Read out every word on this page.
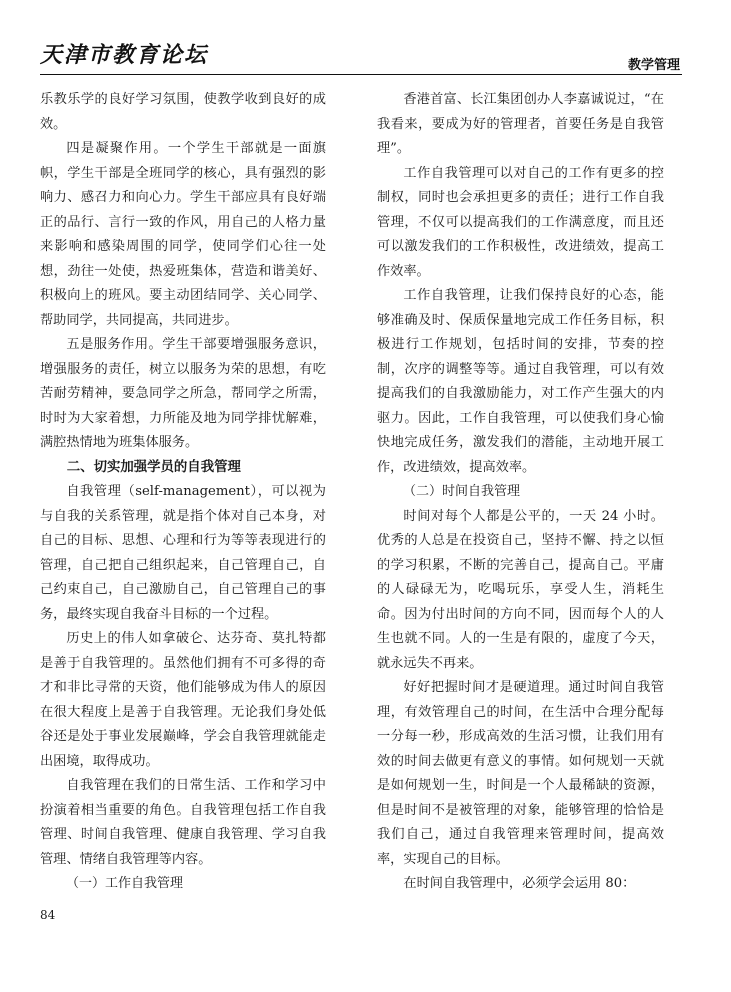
天津市教育论坛	教学管理

乐教乐学的良好学习氛围，使教学收到良好的成效。

四是凝聚作用。一个学生干部就是一面旗帜，学生干部是全班同学的核心，具有强烈的影响力、感召力和向心力。学生干部应具有良好端正的品行、言行一致的作风，用自己的人格力量来影响和感染周围的同学，使同学们心往一处想，劲往一处使，热爱班集体，营造和谐美好、积极向上的班风。要主动团结同学、关心同学、帮助同学，共同提高，共同进步。

五是服务作用。学生干部要增强服务意识，增强服务的责任，树立以服务为荣的思想，有吃苦耐劳精神，要急同学之所急，帮同学之所需，时时为大家着想，力所能及地为同学排忧解难，满腔热情地为班集体服务。

二、切实加强学员的自我管理

自我管理（self-management），可以视为与自我的关系管理，就是指个体对自己本身，对自己的目标、思想、心理和行为等等表现进行的管理，自己把自己组织起来，自己管理自己，自己约束自己，自己激励自己，自己管理自己的事务，最终实现自我奋斗目标的一个过程。

历史上的伟人如拿破仑、达芬奇、莫扎特都是善于自我管理的。虽然他们拥有不可多得的奇才和非比寻常的天资，他们能够成为伟人的原因在很大程度上是善于自我管理。无论我们身处低谷还是处于事业发展巅峰，学会自我管理就能走出困境，取得成功。

自我管理在我们的日常生活、工作和学习中扮演着相当重要的角色。自我管理包括工作自我管理、时间自我管理、健康自我管理、学习自我管理、情绪自我管理等内容。

（一）工作自我管理

香港首富、长江集团创办人李嘉诚说过，“在我看来，要成为好的管理者，首要任务是自我管理”。

工作自我管理可以对自己的工作有更多的控制权，同时也会承担更多的责任；进行工作自我管理，不仅可以提高我们的工作满意度，而且还可以激发我们的工作积极性，改进绩效，提高工作效率。

工作自我管理，让我们保持良好的心态，能够准确及时、保质保量地完成工作任务目标，积极进行工作规划，包括时间的安排，节奏的控制，次序的调整等等。通过自我管理，可以有效提高我们的自我激励能力，对工作产生强大的内驱力。因此，工作自我管理，可以使我们身心愉快地完成任务，激发我们的潜能，主动地开展工作，改进绩效，提高效率。

（二）时间自我管理

时间对每个人都是公平的，一天 24 小时。优秀的人总是在投资自己，坚持不懈、持之以恒的学习积累，不断的完善自己，提高自己。平庸的人碌碌无为，吃喝玩乐，享受人生，消耗生命。因为付出时间的方向不同，因而每个人的人生也就不同。人的一生是有限的，虚度了今天，就永远失不再来。

好好把握时间才是硬道理。通过时间自我管理，有效管理自己的时间，在生活中合理分配每一分每一秒，形成高效的生活习惯，让我们用有效的时间去做更有意义的事情。如何规划一天就是如何规划一生，时间是一个人最稀缺的资源，但是时间不是被管理的对象，能够管理的恰恰是我们自己，通过自我管理来管理时间，提高效率，实现自己的目标。

在时间自我管理中，必须学会运用 80：

84
